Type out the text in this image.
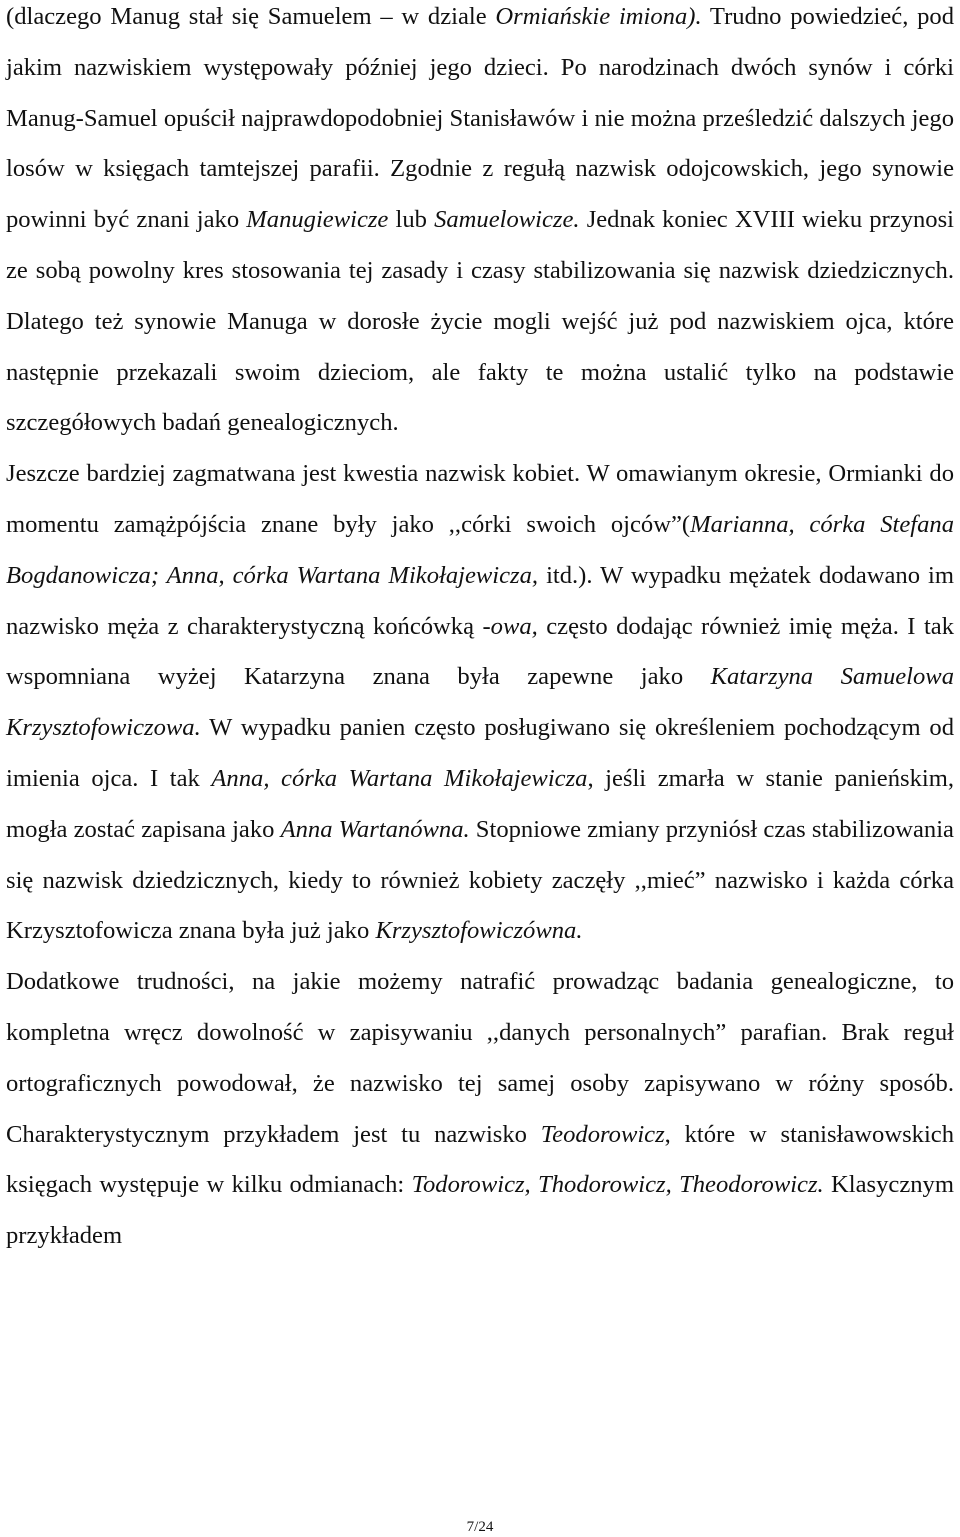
(dlaczego Manug stał się Samuelem – w dziale Ormiańskie imiona). Trudno powiedzieć, pod jakim nazwiskiem występowały później jego dzieci. Po narodzinach dwóch synów i córki Manug-Samuel opuścił najprawdopodobniej Stanisławów i nie można prześledzić dalszych jego losów w księgach tamtejszej parafii. Zgodnie z regułą nazwisk odojcowskich, jego synowie powinni być znani jako Manugiewicze lub Samuelowicze. Jednak koniec XVIII wieku przynosi ze sobą powolny kres stosowania tej zasady i czasy stabilizowania się nazwisk dziedzicznych. Dlatego też synowie Manuga w dorosłe życie mogli wejść już pod nazwiskiem ojca, które następnie przekazali swoim dzieciom, ale fakty te można ustalić tylko na podstawie szczegółowych badań genealogicznych.

Jeszcze bardziej zagmatwana jest kwestia nazwisk kobiet. W omawianym okresie, Ormianki do momentu zamążpójścia znane były jako ,,córki swoich ojców”(Marianna, córka Stefana Bogdanowicza; Anna, córka Wartana Mikołajewicza, itd.). W wypadku mężatek dodawano im nazwisko męża z charakterystyczną końcówką -owa, często dodając również imię męża. I tak wspomniana wyżej Katarzyna znana była zapewne jako Katarzyna Samuelowa Krzysztofowiczowa. W wypadku panien często posługiwano się określeniem pochodzącym od imienia ojca. I tak Anna, córka Wartana Mikołajewicza, jeśli zmarła w stanie panieńskim, mogła zostać zapisana jako Anna Wartanówna. Stopniowe zmiany przyniósł czas stabilizowania się nazwisk dziedzicznych, kiedy to również kobiety zaczęły ,,mieć” nazwisko i każda córka Krzysztofowicza znana była już jako Krzysztofowiczówna.

Dodatkowe trudności, na jakie możemy natrafić prowadząc badania genealogiczne, to kompletna wręcz dowolność w zapisywaniu ,,danych personalnych” parafian. Brak reguł ortograficznych powodował, że nazwisko tej samej osoby zapisywano w różny sposób. Charakterystycznym przykładem jest tu nazwisko Teodorowicz, które w stanisławowskich księgach występuje w kilku odmianach: Todorowicz, Thodorowicz, Theodorowicz. Klasycznym przykładem

7/24
